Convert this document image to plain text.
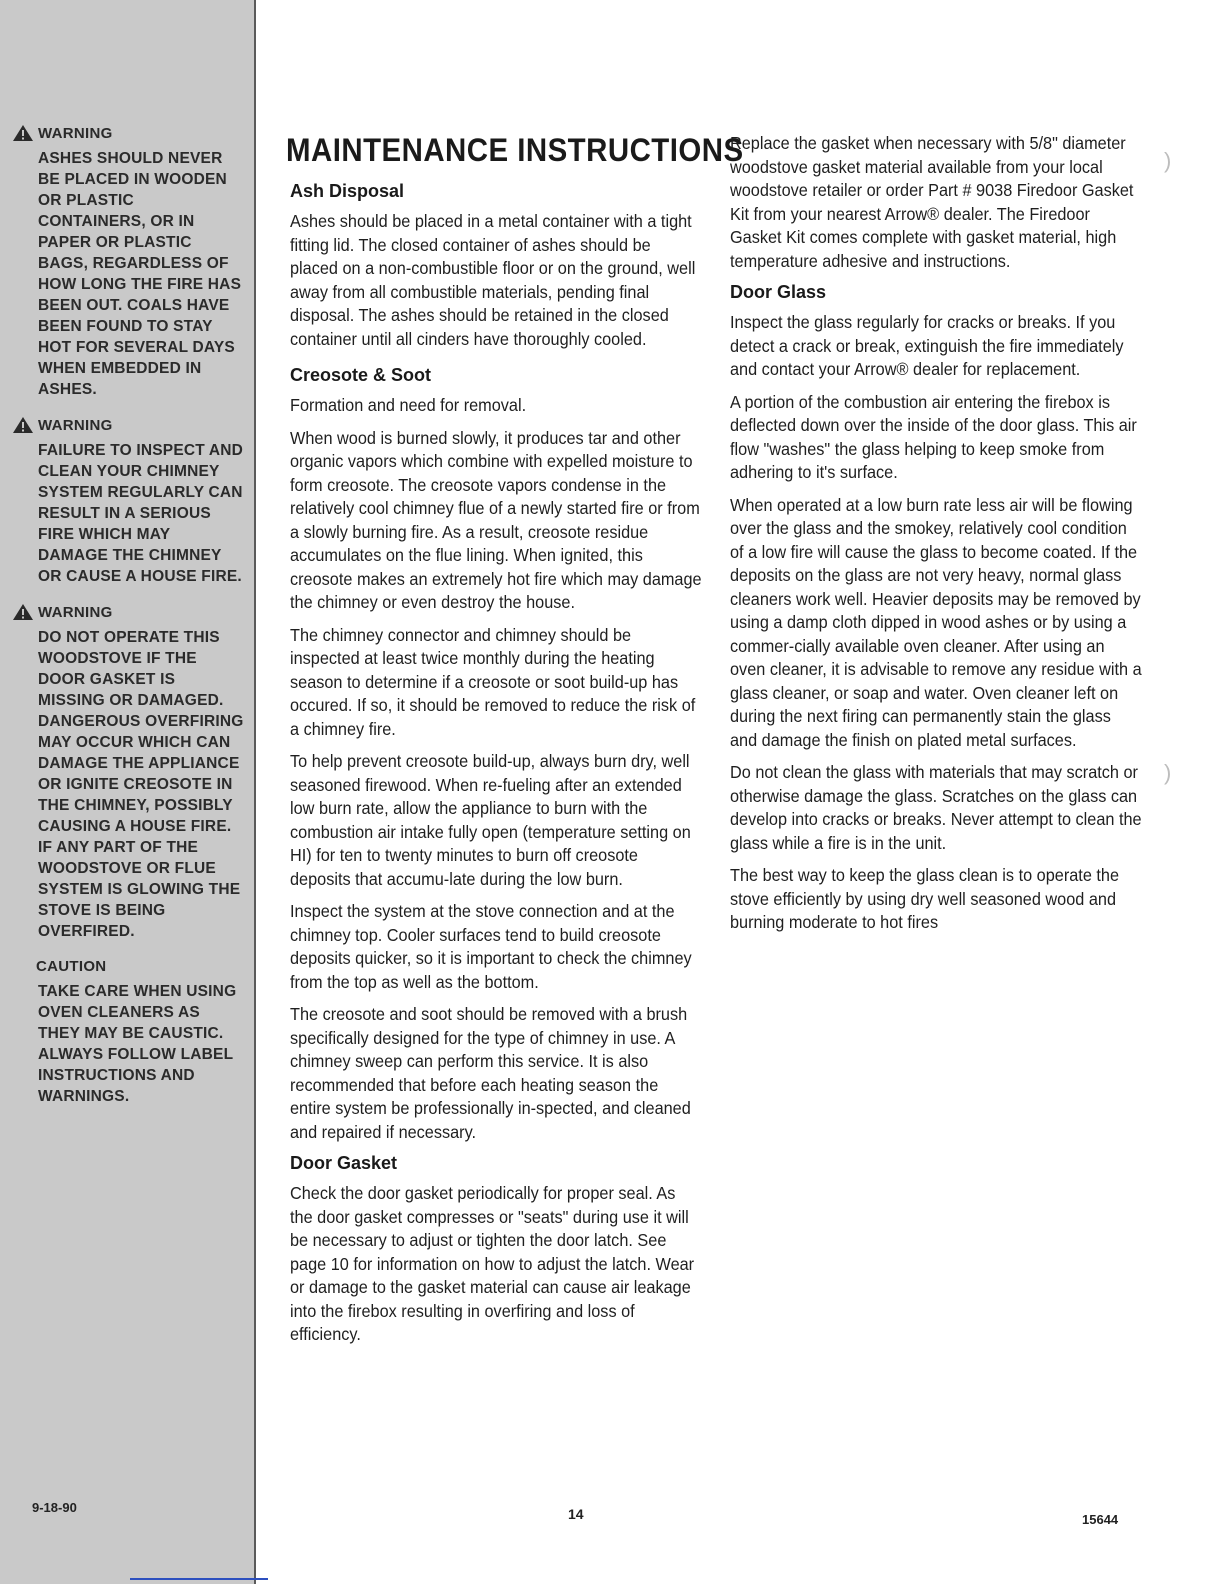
WARNING

ASHES SHOULD NEVER BE PLACED IN WOODEN OR PLASTIC CONTAINERS, OR IN PAPER OR PLASTIC BAGS, REGARDLESS OF HOW LONG THE FIRE HAS BEEN OUT. COALS HAVE BEEN FOUND TO STAY HOT FOR SEVERAL DAYS WHEN EMBEDDED IN ASHES.

WARNING

FAILURE TO INSPECT AND CLEAN YOUR CHIMNEY SYSTEM REGULARLY CAN RESULT IN A SERIOUS FIRE WHICH MAY DAMAGE THE CHIMNEY OR CAUSE A HOUSE FIRE.

WARNING

DO NOT OPERATE THIS WOODSTOVE IF THE DOOR GASKET IS MISSING OR DAMAGED. DANGEROUS OVERFIRING MAY OCCUR WHICH CAN DAMAGE THE APPLIANCE OR IGNITE CREOSOTE IN THE CHIMNEY, POSSIBLY CAUSING A HOUSE FIRE. IF ANY PART OF THE WOODSTOVE OR FLUE SYSTEM IS GLOWING THE STOVE IS BEING OVERFIRED.

CAUTION

TAKE CARE WHEN USING OVEN CLEANERS AS THEY MAY BE CAUSTIC. ALWAYS FOLLOW LABEL INSTRUCTIONS AND WARNINGS.

9-18-90
MAINTENANCE INSTRUCTIONS
Ash Disposal

Ashes should be placed in a metal container with a tight fitting lid. The closed container of ashes should be placed on a non-combustible floor or on the ground, well away from all combustible materials, pending final disposal. The ashes should be retained in the closed container until all cinders have thoroughly cooled.

Creosote & Soot

Formation and need for removal.

When wood is burned slowly, it produces tar and other organic vapors which combine with expelled moisture to form creosote. The creosote vapors condense in the relatively cool chimney flue of a newly started fire or from a slowly burning fire. As a result, creosote residue accumulates on the flue lining. When ignited, this creosote makes an extremely hot fire which may damage the chimney or even destroy the house.

The chimney connector and chimney should be inspected at least twice monthly during the heating season to determine if a creosote or soot build-up has occured. If so, it should be removed to reduce the risk of a chimney fire.

To help prevent creosote build-up, always burn dry, well seasoned firewood. When re-fueling after an extended low burn rate, allow the appliance to burn with the combustion air intake fully open (temperature setting on HI) for ten to twenty minutes to burn off creosote deposits that accumu-late during the low burn.

Inspect the system at the stove connection and at the chimney top. Cooler surfaces tend to build creosote deposits quicker, so it is important to check the chimney from the top as well as the bottom.

The creosote and soot should be removed with a brush specifically designed for the type of chimney in use. A chimney sweep can perform this service. It is also recommended that before each heating season the entire system be professionally in-spected, and cleaned and repaired if necessary.

Door Gasket

Check the door gasket periodically for proper seal. As the door gasket compresses or "seats" during use it will be necessary to adjust or tighten the door latch. See page 10 for information on how to adjust the latch. Wear or damage to the gasket material can cause air leakage into the firebox resulting in overfiring and loss of efficiency.

Replace the gasket when necessary with 5/8" diameter woodstove gasket material available from your local woodstove retailer or order Part # 9038 Firedoor Gasket Kit from your nearest Arrow® dealer. The Firedoor Gasket Kit comes complete with gasket material, high temperature adhesive and instructions.

Door Glass

Inspect the glass regularly for cracks or breaks. If you detect a crack or break, extinguish the fire immediately and contact your Arrow® dealer for replacement.

A portion of the combustion air entering the firebox is deflected down over the inside of the door glass. This air flow "washes" the glass helping to keep smoke from adhering to it's surface.

When operated at a low burn rate less air will be flowing over the glass and the smokey, relatively cool condition of a low fire will cause the glass to become coated. If the deposits on the glass are not very heavy, normal glass cleaners work well. Heavier deposits may be removed by using a damp cloth dipped in wood ashes or by using a commer-cially available oven cleaner. After using an oven cleaner, it is advisable to remove any residue with a glass cleaner, or soap and water. Oven cleaner left on during the next firing can permanently stain the glass and damage the finish on plated metal surfaces.

Do not clean the glass with materials that may scratch or otherwise damage the glass. Scratches on the glass can develop into cracks or breaks. Never attempt to clean the glass while a fire is in the unit.

The best way to keep the glass clean is to operate the stove efficiently by using dry well seasoned wood and burning moderate to hot fires

14	15644
)
)
